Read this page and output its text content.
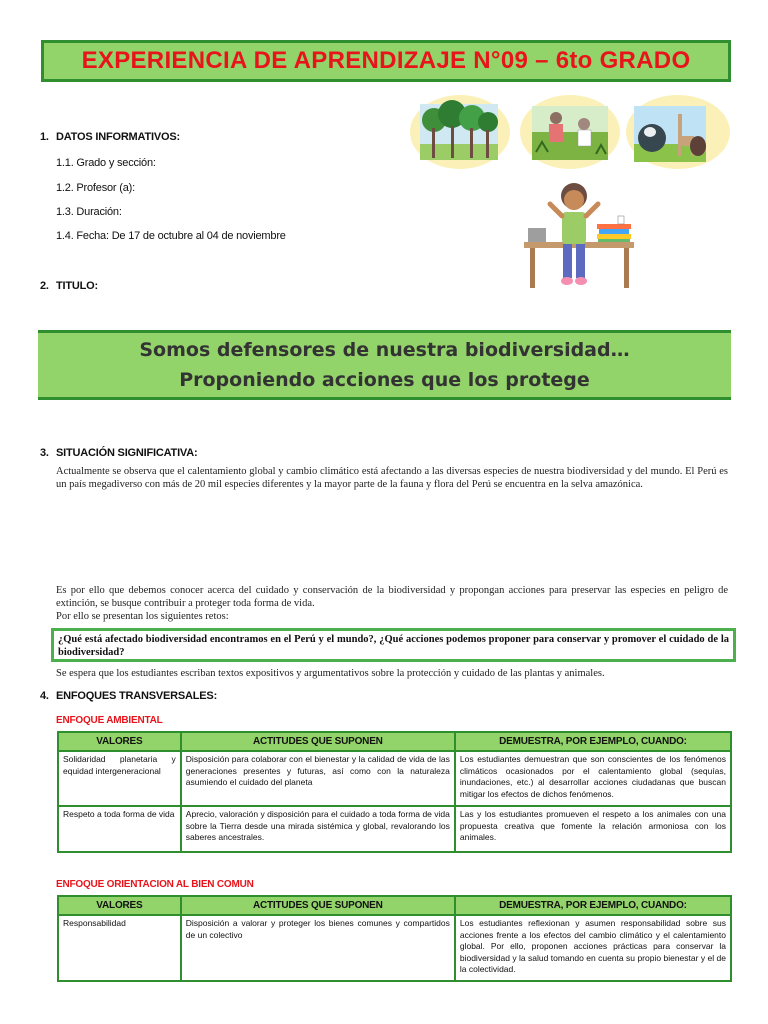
EXPERIENCIA DE APRENDIZAJE N°09 – 6to GRADO
1. DATOS INFORMATIVOS:
1.1. Grado y sección:
1.2. Profesor (a):
1.3. Duración:
1.4. Fecha: De 17 de octubre al 04 de noviembre
2. TITULO:
Somos defensores de nuestra biodiversidad…
Proponiendo acciones que los protege
3. SITUACIÓN SIGNIFICATIVA:
Actualmente se observa que el calentamiento global y cambio climático está afectando a las diversas especies de nuestra biodiversidad y del mundo. El Perú es un país megadiverso con más de 20 mil especies diferentes y la mayor parte de la fauna y flora del Perú se encuentra en la selva amazónica.
Es por ello que debemos conocer acerca del cuidado y conservación de la biodiversidad y propongan acciones para preservar las especies en peligro de extinción, se busque contribuir a proteger toda forma de vida.
Por ello se presentan los siguientes retos:
¿Qué está afectado biodiversidad encontramos en el Perú y el mundo?, ¿Qué acciones podemos proponer para conservar y promover el cuidado de la biodiversidad?
Se espera que los estudiantes escriban textos expositivos y argumentativos sobre la protección y cuidado de las plantas y animales.
4. ENFOQUES TRANSVERSALES:
ENFOQUE AMBIENTAL
VALORES	ACTITUDES QUE SUPONEN	DEMUESTRA, POR EJEMPLO, CUANDO:
Solidaridad planetaria y equidad intergeneracional	Disposición para colaborar con el bienestar y la calidad de vida de las generaciones presentes y futuras, así como con la naturaleza asumiendo el cuidado del planeta	Los estudiantes demuestran que son conscientes de los fenómenos climáticos ocasionados por el calentamiento global (sequías, inundaciones, etc.) al desarrollar acciones ciudadanas que buscan mitigar los efectos de dichos fenómenos.
Respeto a toda forma de vida	Aprecio, valoración y disposición para el cuidado a toda forma de vida sobre la Tierra desde una mirada sistémica y global, revalorando los saberes ancestrales.	Las y los estudiantes promueven el respeto a los animales con una propuesta creativa que fomente la relación armoniosa con los animales.
ENFOQUE ORIENTACION AL BIEN COMUN
VALORES	ACTITUDES QUE SUPONEN	DEMUESTRA, POR EJEMPLO, CUANDO:
Responsabilidad	Disposición a valorar y proteger los bienes comunes y compartidos de un colectivo	Los estudiantes reflexionan y asumen responsabilidad sobre sus acciones frente a los efectos del cambio climático y el calentamiento global. Por ello, proponen acciones prácticas para conservar la biodiversidad y la salud tomando en cuenta su propio bienestar y el de la colectividad.
